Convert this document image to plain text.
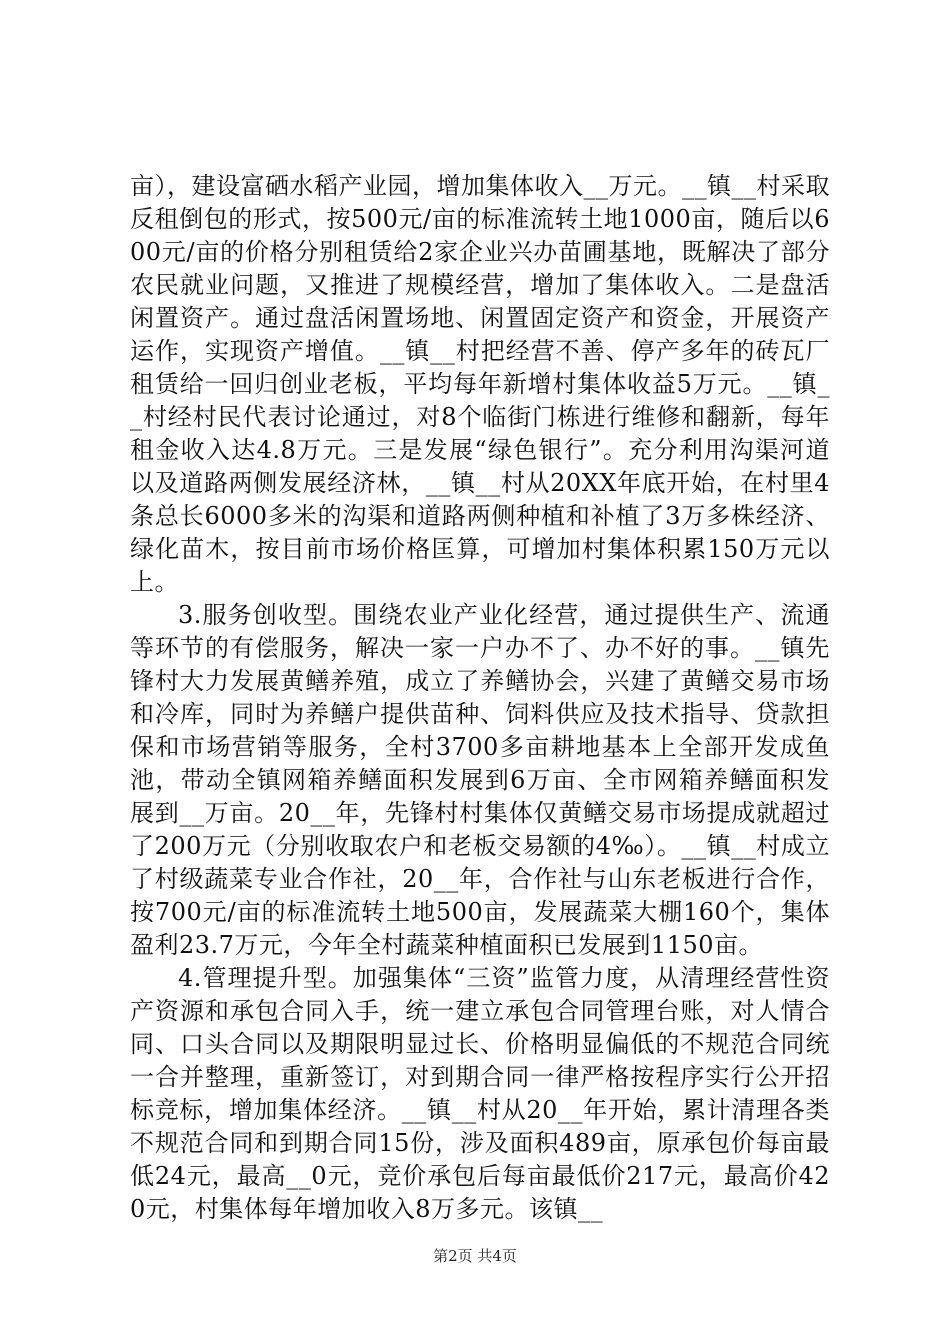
亩），建设富硒水稻产业园，增加集体收入__万元。__镇__村采取反租倒包的形式，按500元/亩的标准流转土地1000亩，随后以600元/亩的价格分别租赁给2家企业兴办苗圃基地，既解决了部分农民就业问题，又推进了规模经营，增加了集体收入。二是盘活闲置资产。通过盘活闲置场地、闲置固定资产和资金，开展资产运作，实现资产增值。__镇__村把经营不善、停产多年的砖瓦厂租赁给一回归创业老板，平均每年新增村集体收益5万元。__镇__村经村民代表讨论通过，对8个临街门栋进行维修和翻新，每年租金收入达4.8万元。三是发展“绿色银行”。充分利用沟渠河道以及道路两侧发展经济林，__镇__村从20XX年底开始，在村里4条总长6000多米的沟渠和道路两侧种植和补植了3万多株经济、绿化苗木，按目前市场价格匡算，可增加村集体积累150万元以上。

3.服务创收型。围绕农业产业化经营，通过提供生产、流通等环节的有偿服务，解决一家一户办不了、办不好的事。__镇先锋村大力发展黄鳝养殖，成立了养鳝协会，兴建了黄鳝交易市场和冷库，同时为养鳝户提供苗种、饲料供应及技术指导、贷款担保和市场营销等服务，全村3700多亩耕地基本上全部开发成鱼池，带动全镇网箱养鳝面积发展到6万亩、全市网箱养鳝面积发展到__万亩。20__年，先锋村村集体仅黄鳝交易市场提成就超过了200万元（分别收取农户和老板交易额的4‰）。__镇__村成立了村级蔬菜专业合作社，20__年，合作社与山东老板进行合作，按700元/亩的标准流转土地500亩，发展蔬菜大棚160个，集体盈利23.7万元，今年全村蔬菜种植面积已发展到1150亩。

4.管理提升型。加强集体“三资”监管力度，从清理经营性资产资源和承包合同入手，统一建立承包合同管理台账，对人情合同、口头合同以及期限明显过长、价格明显偏低的不规范合同统一合并整理，重新签订，对到期合同一律严格按程序实行公开招标竞标，增加集体经济。__镇__村从20__年开始，累计清理各类不规范合同和到期合同15份，涉及面积489亩，原承包价每亩最低24元，最高__0元，竞价承包后每亩最低价217元，最高价420元，村集体每年增加收入8万多元。该镇__

第2页 共4页
